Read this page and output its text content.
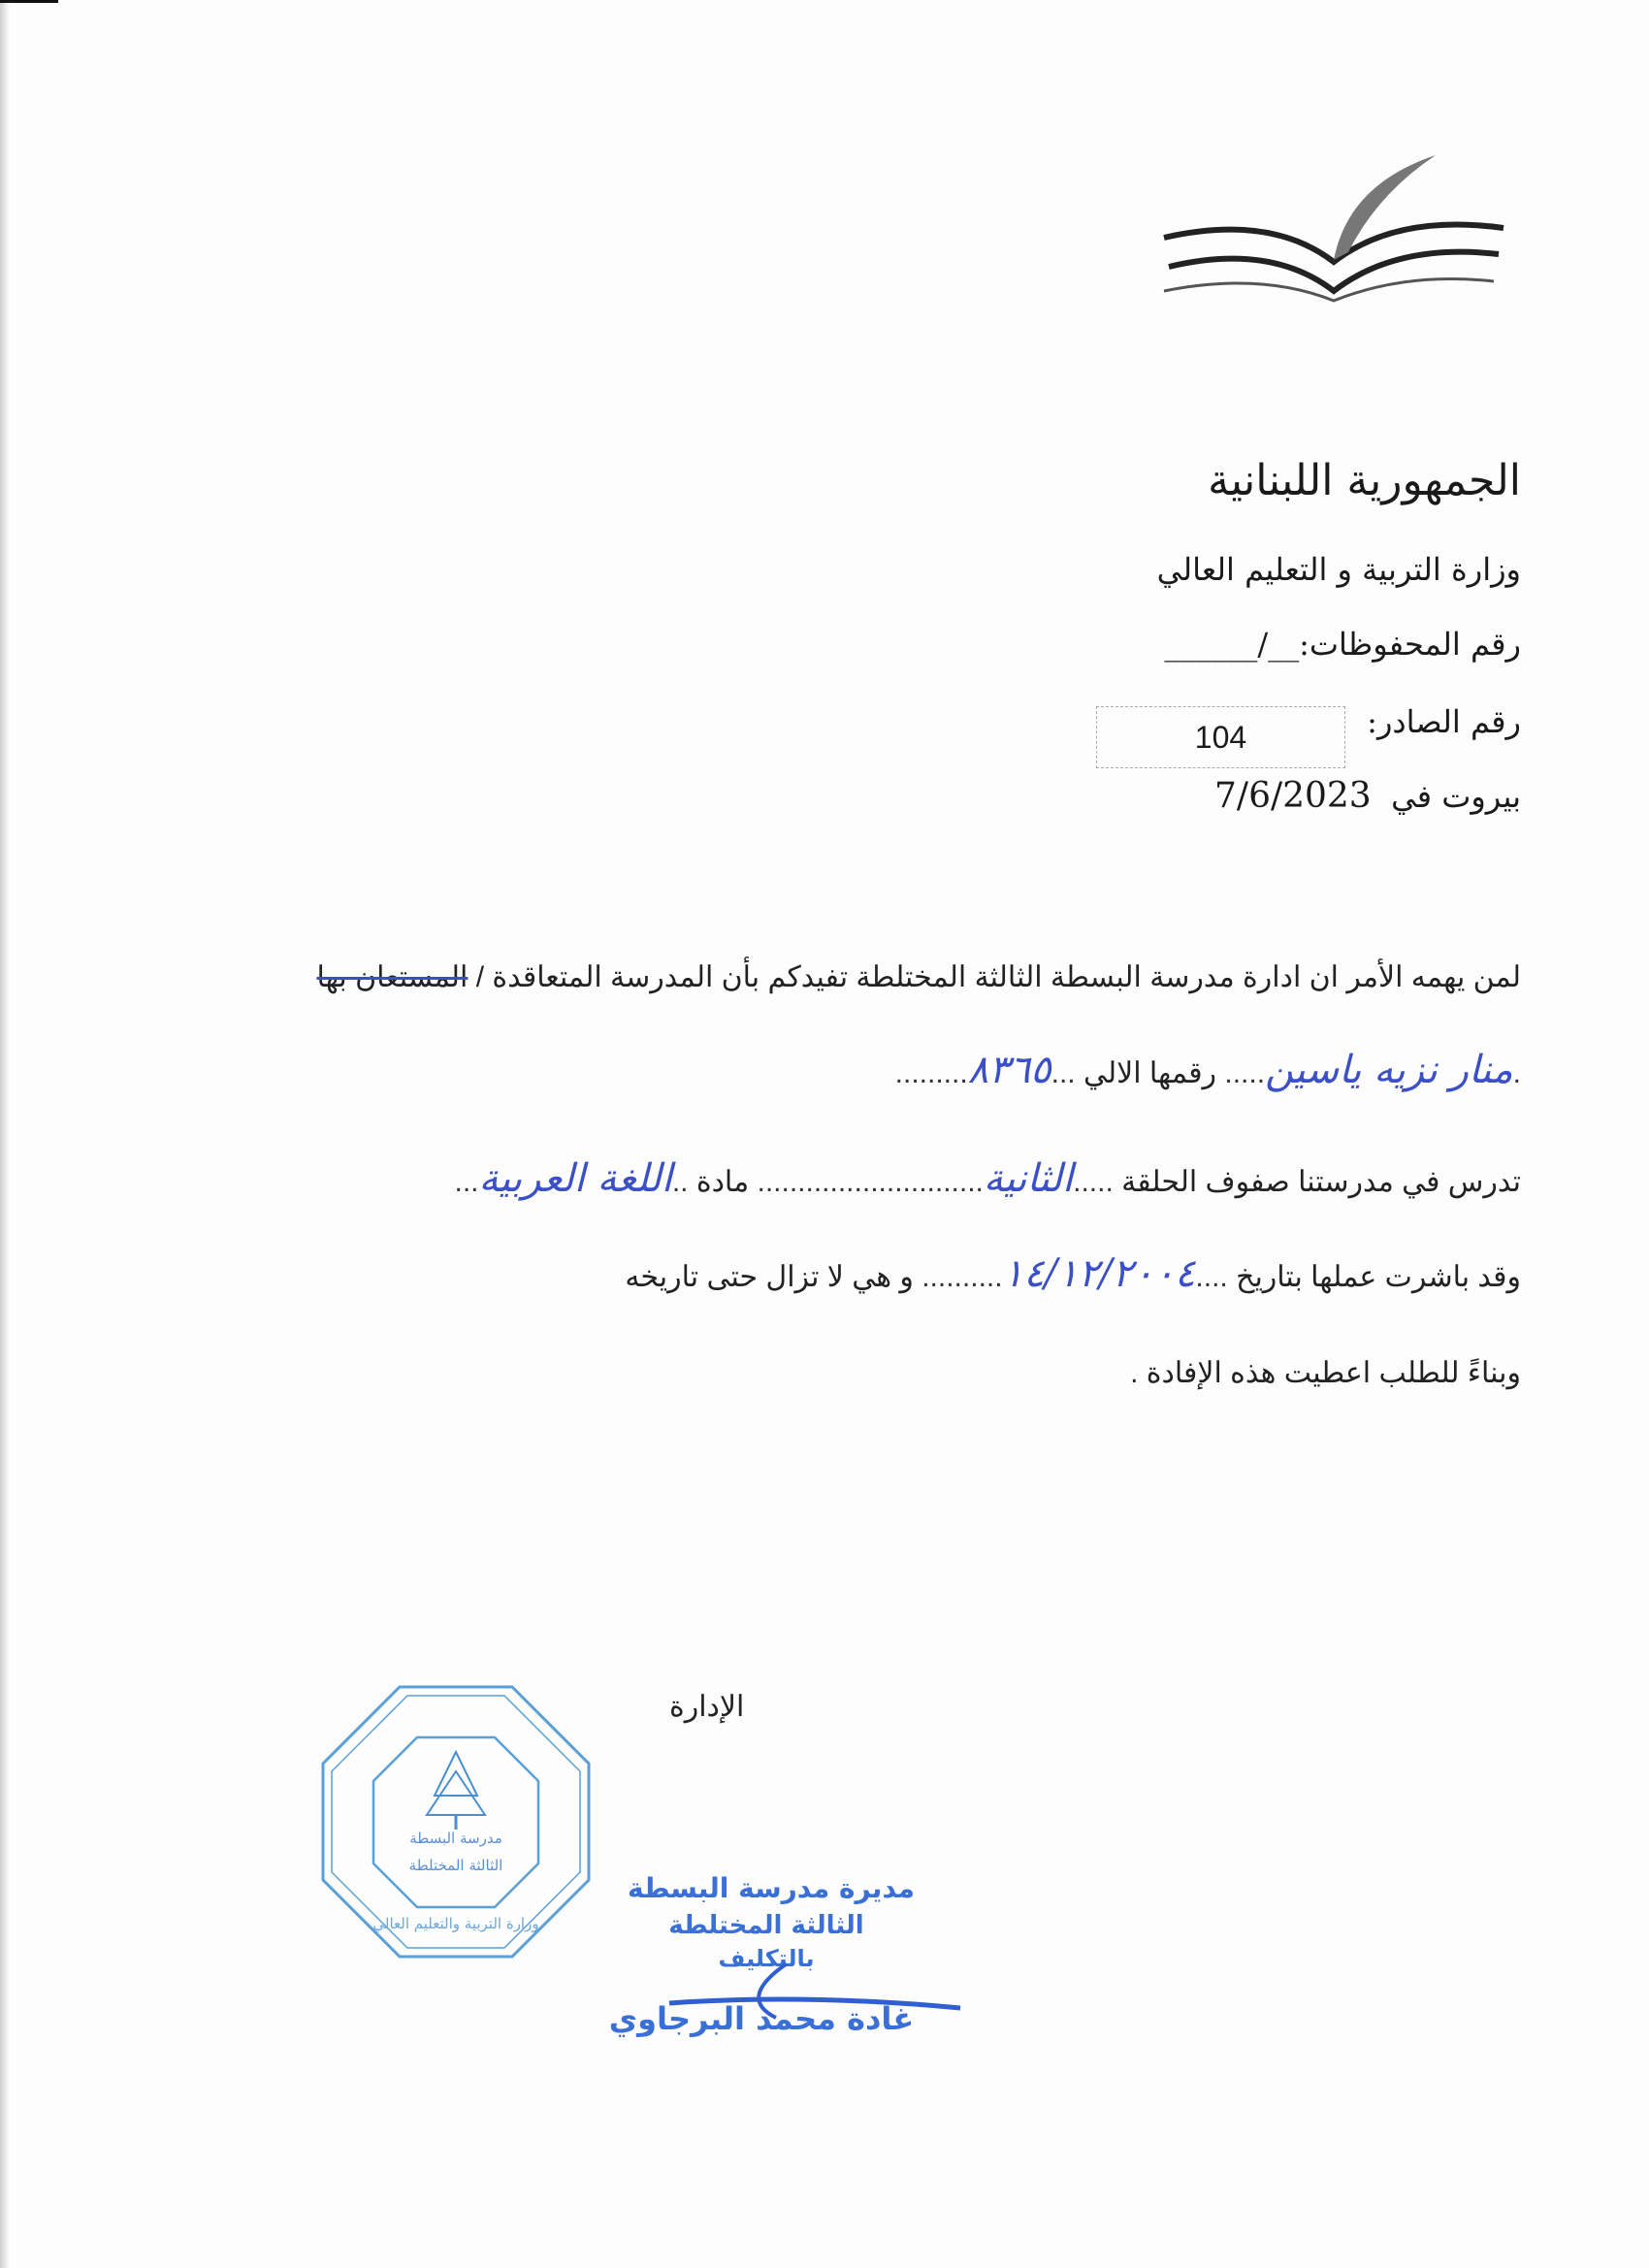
الجمهورية اللبنانية
وزارة التربية و التعليم العالي
رقم المحفوظات:______/__
رقم الصادر:
104
بيروت في  7/6/2023
لمن يهمه الأمر ان ادارة مدرسة البسطة الثالثة المختلطة تفيدكم بأن المدرسة المتعاقدة / المستعان بها
.منار نزيه ياسين..... رقمها الالي ...٨٣٦٥.........
تدرس في مدرستنا صفوف الحلقة .....الثانية............................ مادة ..اللغة العربية...
وقد باشرت عملها بتاريخ ....١٤/١٢/٢٠٠٤.......... و هي لا تزال حتى تاريخه
وبناءً للطلب اعطيت هذه الإفادة .
الإدارة
مدرسة البسطة
الثالثة المختلطة
وزارة التربية والتعليم العالي
مديرة مدرسة البسطة
الثالثة المختلطة
بالتكليف
غادة محمد البرجاوي
